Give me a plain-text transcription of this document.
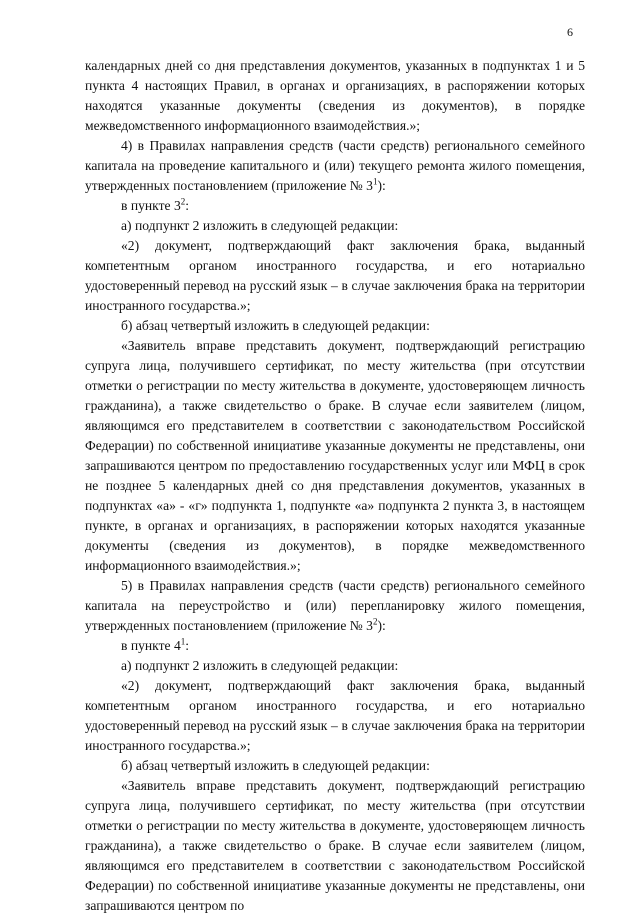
6

календарных дней со дня представления документов, указанных в подпунктах 1 и 5 пункта 4 настоящих Правил, в органах и организациях, в распоряжении которых находятся указанные документы (сведения из документов), в порядке межведомственного информационного взаимодействия.»;

4) в Правилах направления средств (части средств) регионального семейного капитала на проведение капитального и (или) текущего ремонта жилого помещения, утвержденных постановлением (приложение № $3^1$):

в пункте $3^2$:

а) подпункт 2 изложить в следующей редакции:

«2) документ, подтверждающий факт заключения брака, выданный компетентным органом иностранного государства, и его нотариально удостоверенный перевод на русский язык – в случае заключения брака на территории иностранного государства.»;

б) абзац четвертый изложить в следующей редакции:

«Заявитель вправе представить документ, подтверждающий регистрацию супруга лица, получившего сертификат, по месту жительства (при отсутствии отметки о регистрации по месту жительства в документе, удостоверяющем личность гражданина), а также свидетельство о браке. В случае если заявителем (лицом, являющимся его представителем в соответствии с законодательством Российской Федерации) по собственной инициативе указанные документы не представлены, они запрашиваются центром по предоставлению государственных услуг или МФЦ в срок не позднее 5 календарных дней со дня представления документов, указанных в подпунктах «а» - «г» подпункта 1, подпункте «а» подпункта 2 пункта 3, в настоящем пункте, в органах и организациях, в распоряжении которых находятся указанные документы (сведения из документов), в порядке межведомственного информационного взаимодействия.»;

5) в Правилах направления средств (части средств) регионального семейного капитала на переустройство и (или) перепланировку жилого помещения, утвержденных постановлением (приложение № $3^2$):

в пункте $4^1$:

а) подпункт 2 изложить в следующей редакции:

«2) документ, подтверждающий факт заключения брака, выданный компетентным органом иностранного государства, и его нотариально удостоверенный перевод на русский язык – в случае заключения брака на территории иностранного государства.»;

б) абзац четвертый изложить в следующей редакции:

«Заявитель вправе представить документ, подтверждающий регистрацию супруга лица, получившего сертификат, по месту жительства (при отсутствии отметки о регистрации по месту жительства в документе, удостоверяющем личность гражданина), а также свидетельство о браке. В случае если заявителем (лицом, являющимся его представителем в соответствии с законодательством Российской Федерации) по собственной инициативе указанные документы не представлены, они запрашиваются центром по
